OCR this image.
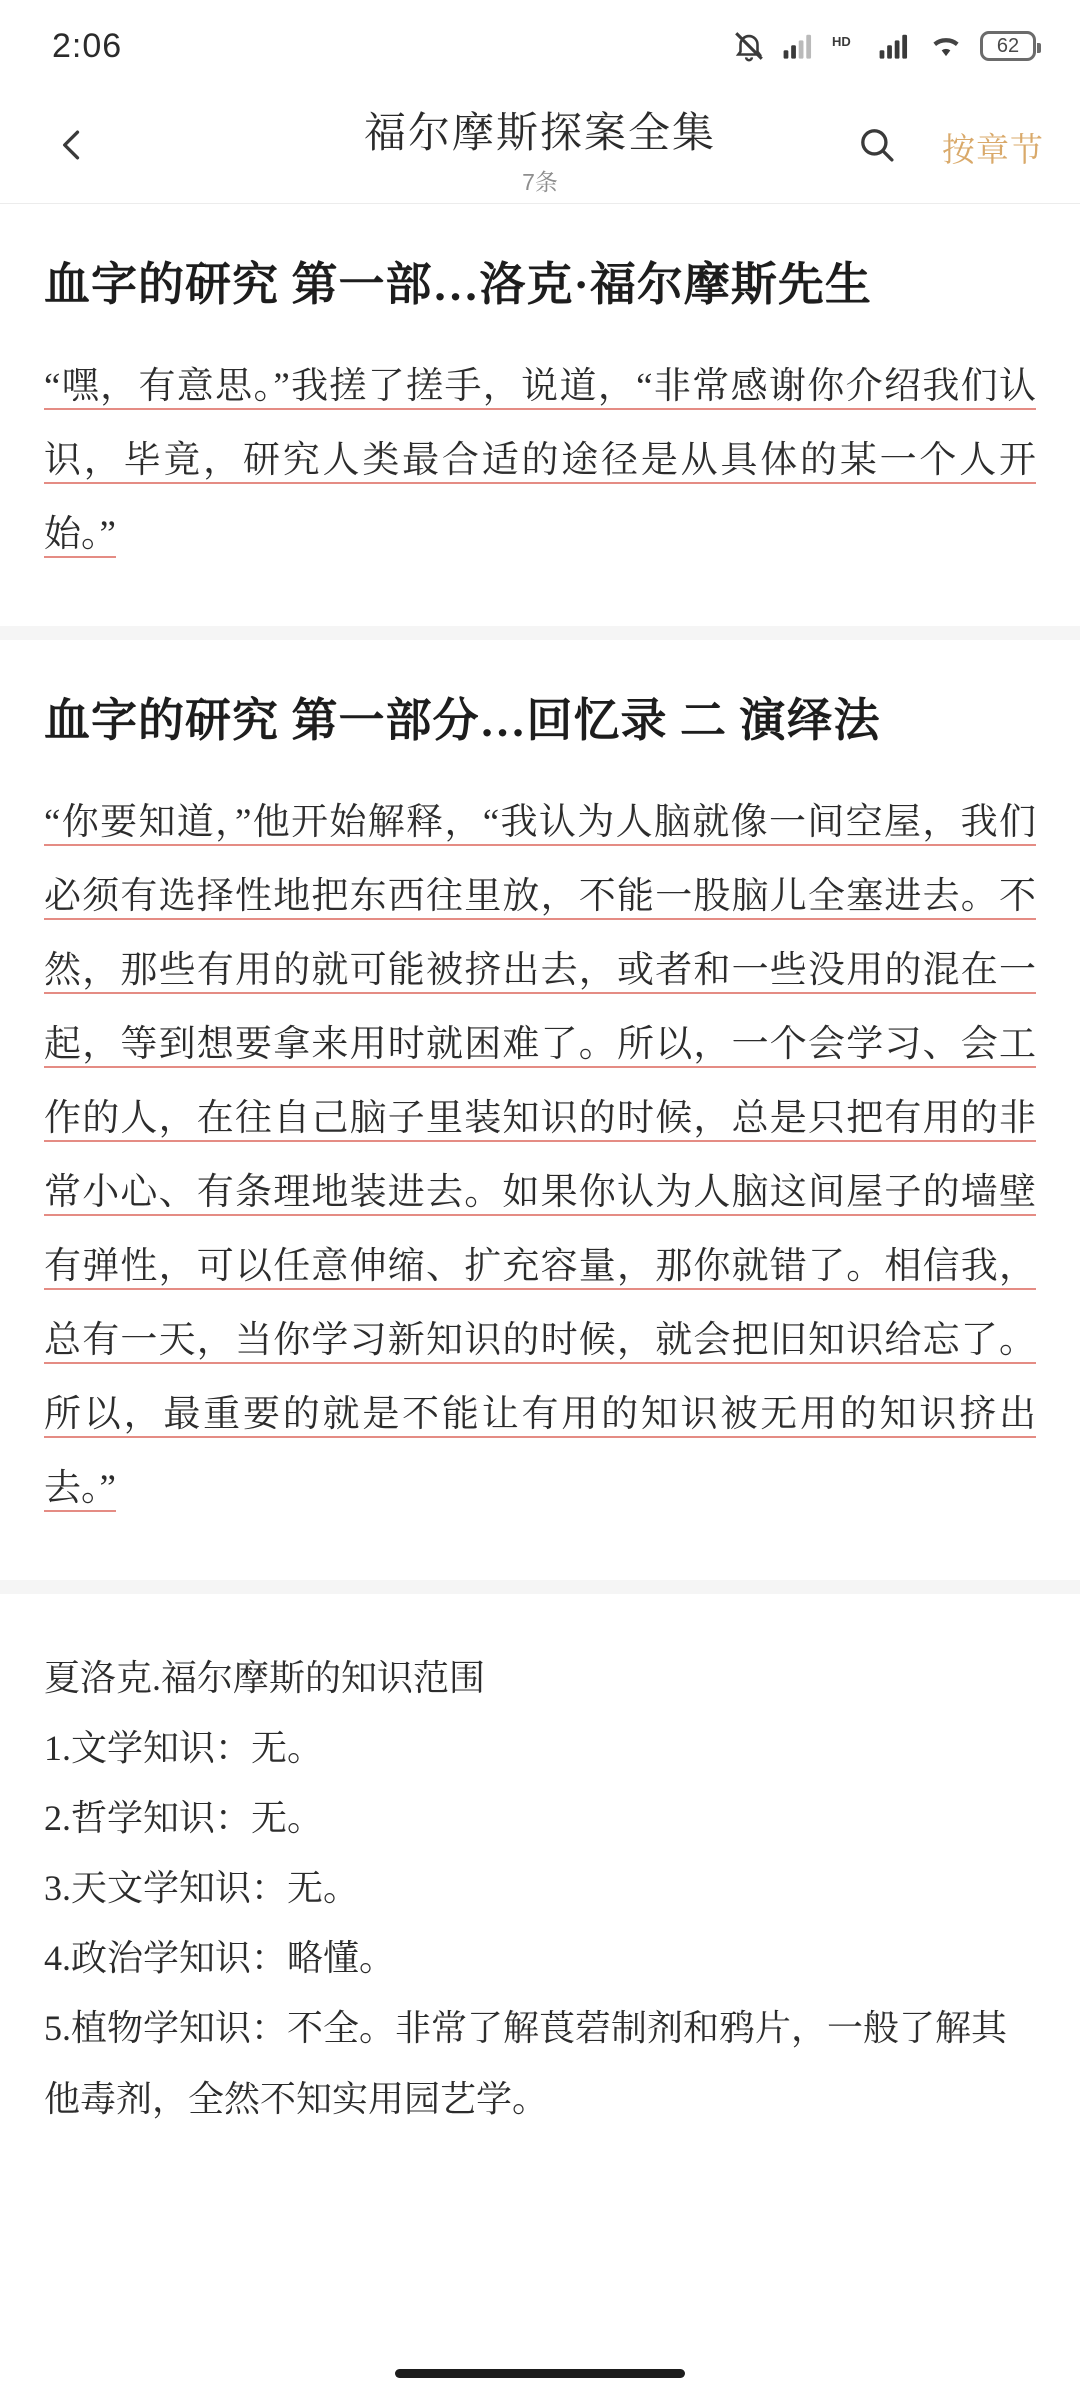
2:06	HD	62
福尔摩斯探案全集
7条
按章节
血字的研究 第一部…洛克·福尔摩斯先生
“嘿，有意思。”我搓了搓手，说道，“非常感谢你介绍我们认识，毕竟，研究人类最合适的途径是从具体的某一个人开始。”
血字的研究 第一部分…回忆录 二 演绎法
“你要知道，”他开始解释，“我认为人脑就像一间空屋，我们必须有选择性地把东西往里放，不能一股脑儿全塞进去。不然，那些有用的就可能被挤出去，或者和一些没用的混在一起，等到想要拿来用时就困难了。所以，一个会学习、会工作的人，在往自己脑子里装知识的时候，总是只把有用的非常小心、有条理地装进去。如果你认为人脑这间屋子的墙壁有弹性，可以任意伸缩、扩充容量，那你就错了。相信我，总有一天，当你学习新知识的时候，就会把旧知识给忘了。所以，最重要的就是不能让有用的知识被无用的知识挤出去。”
夏洛克.福尔摩斯的知识范围
1.文学知识：无。
2.哲学知识：无。
3.天文学知识：无。
4.政治学知识：略懂。
5.植物学知识：不全。非常了解莨菪制剂和鸦片，一般了解其他毒剂，全然不知实用园艺学。
